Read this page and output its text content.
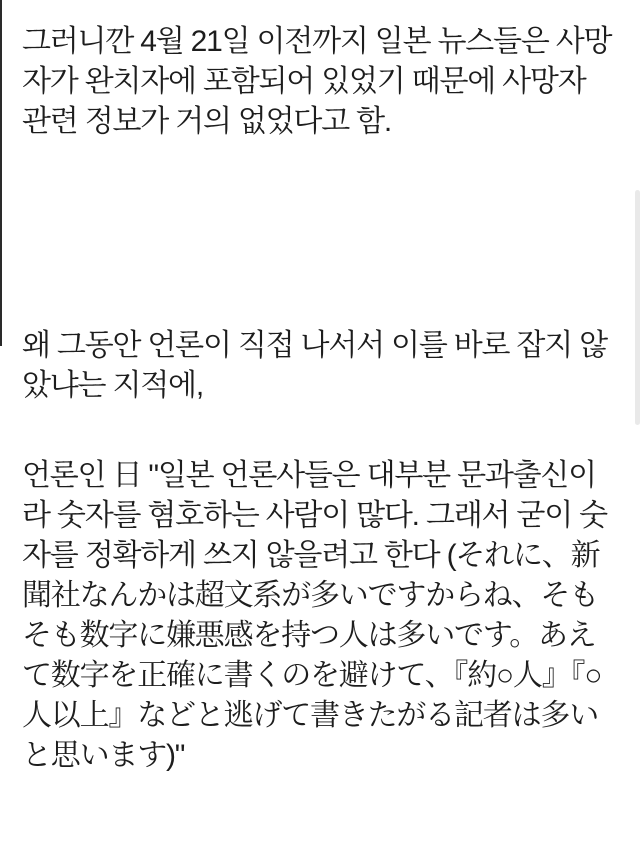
그러니깐 4월 21일 이전까지 일본 뉴스들은 사망자가 완치자에 포함되어 있었기 때문에 사망자 관련 정보가 거의 없었다고 함.

왜 그동안 언론이 직접 나서서 이를 바로 잡지 않았냐는 지적에,

언론인 日 "일본 언론사들은 대부분 문과출신이라 숫자를 혐호하는 사람이 많다. 그래서 굳이 숫자를 정확하게 쓰지 않을려고 한다 (それに、新聞社なんかは超文系が多いですからね、そもそも数字に嫌悪感を持つ人は多いです。あえて数字を正確に書くのを避けて、『約○人』『○人以上』などと逃げて書きたがる記者は多いと思います)"
